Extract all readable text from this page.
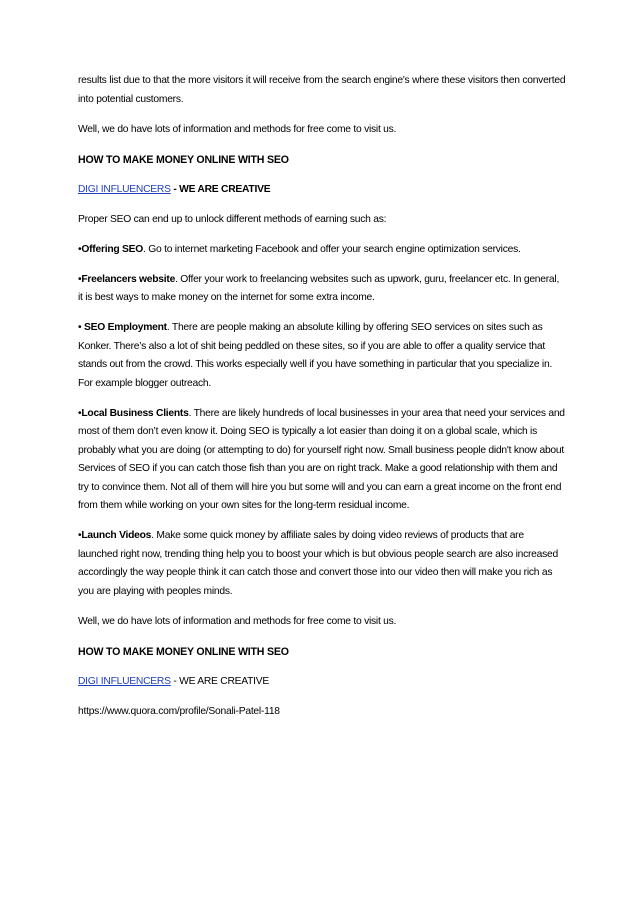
results list due to that the more visitors it will receive from the search engine's where these visitors then converted into potential customers.

Well, we do have lots of information and methods for free come to visit us.

HOW TO MAKE MONEY ONLINE WITH SEO

DIGI INFLUENCERS - WE ARE CREATIVE

Proper SEO can end up to unlock different methods of earning such as:

•Offering SEO. Go to internet marketing Facebook and offer your search engine optimization services.

•Freelancers website. Offer your work to freelancing websites such as upwork, guru, freelancer etc. In general, it is best ways to make money on the internet for some extra income.

• SEO Employment. There are people making an absolute killing by offering SEO services on sites such as Konker. There’s also a lot of shit being peddled on these sites, so if you are able to offer a quality service that stands out from the crowd. This works especially well if you have something in particular that you specialize in. For example blogger outreach.

•Local Business Clients. There are likely hundreds of local businesses in your area that need your services and most of them don’t even know it. Doing SEO is typically a lot easier than doing it on a global scale, which is probably what you are doing (or attempting to do) for yourself right now. Small business people didn't know about Services of SEO if you can catch those fish than you are on right track. Make a good relationship with them and try to convince them. Not all of them will hire you but some will and you can earn a great income on the front end from them while working on your own sites for the long-term residual income.

•Launch Videos. Make some quick money by affiliate sales by doing video reviews of products that are launched right now, trending thing help you to boost your which is but obvious people search are also increased accordingly the way people think it can catch those and convert those into our video then will make you rich as you are playing with peoples minds.

Well, we do have lots of information and methods for free come to visit us.

HOW TO MAKE MONEY ONLINE WITH SEO

DIGI INFLUENCERS - WE ARE CREATIVE

https://www.quora.com/profile/Sonali-Patel-118
